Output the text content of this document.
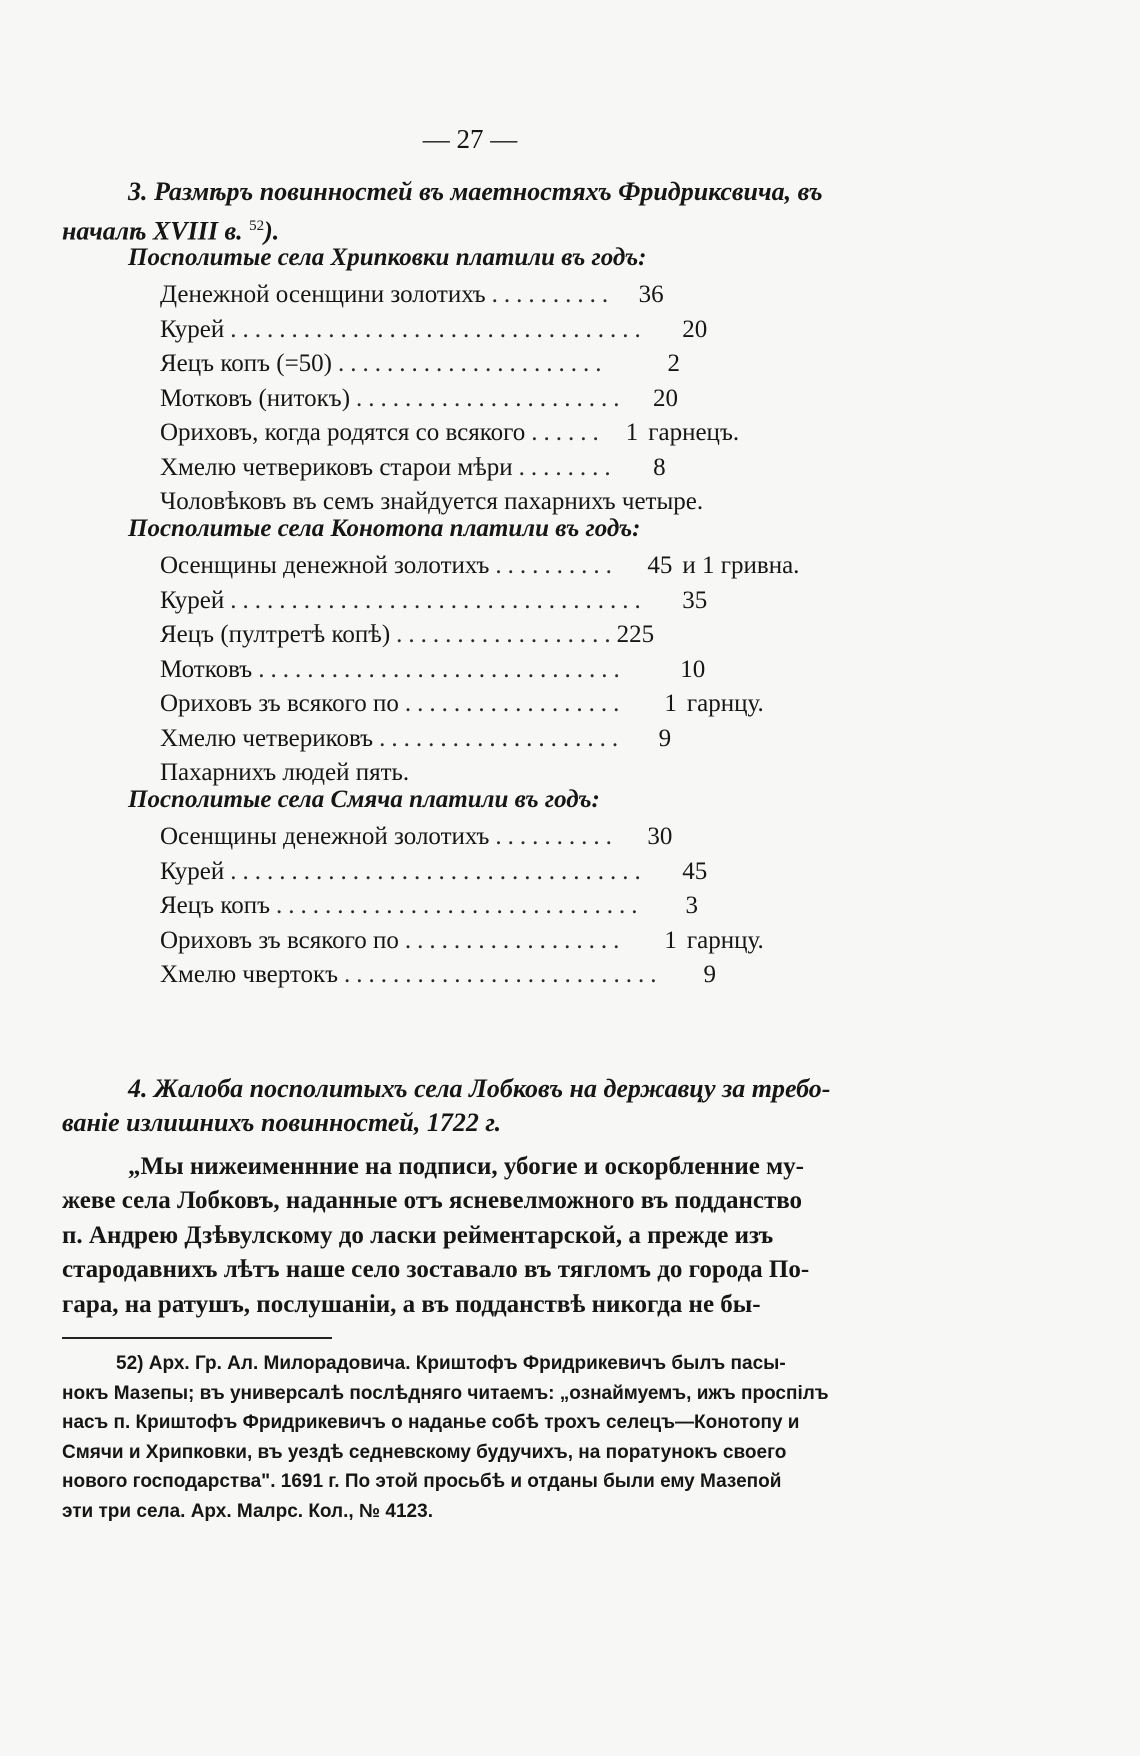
— 27 —
3. Размѣръ повинностей въ маетностяхъ Фридриксвича, въ
началѣ XVIII в. $^{52}$).
Посполитые села Хрипковки платили въ годъ:
Денежной осенщини золотихъ .......... 36
Курей ..................................	20
Яецъ копъ (=50) ......................	2
Мотковъ (нитокъ) ......................	20
Ориховъ, когда родятся со всякого ...... 1 гарнецъ.
Хмелю четвериковъ старои мѣри ........	8
Чоловѣковъ въ семъ знайдуется пахарнихъ четыре.
Посполитые села Конотопа платили въ годъ:
Осенщины денежной золотихъ ..........	45 и 1 гривна.
Курей ..................................	35
Яецъ (пултретѣ копѣ) .................. 225
Мотковъ ..............................	10
Ориховъ зъ всякого по ..................	1 гарнцу.
Хмелю четвериковъ ....................	9
Пахарнихъ людей пять.
Посполитые села Смяча платили въ годъ:
Осенщины денежной золотихъ ..........	30
Курей ..................................	45
Яецъ копъ ..............................	3
Ориховъ зъ всякого по ..................	1 гарнцу.
Хмелю чвертокъ ..........................	9
4. Жалоба посполитыхъ села Лобковъ на державцу за требо-
ваніе излишнихъ повинностей, 1722 г.
„Мы нижеименнние на подписи, убогие и оскорбленние му-
жеве села Лобковъ, наданные отъ ясневелможного въ подданство
п. Андрею Дзѣвулскому до ласки рейментарской, а прежде изъ
стародавнихъ лѣтъ наше село зоставало въ тягломъ до города По-
гара, на ратушъ, послушаніи, а въ подданствѣ никогда не бы-
52) Арх. Гр. Ал. Милорадовича. Криштофъ Фридрикевичъ былъ пасы-
нокъ Мазепы; въ универсалѣ послѣдняго читаемъ: „ознаймуемъ, ижъ проспілъ
насъ п. Криштофъ Фридрикевичъ о наданье собѣ трохъ селецъ—Конотопу и
Смячи и Хрипковки, въ уездѣ седневскому будучихъ, на поратунокъ своего
нового господарства". 1691 г. По этой просьбѣ и отданы были ему Мазепой
эти три села. Арх. Малрс. Кол., № 4123.
